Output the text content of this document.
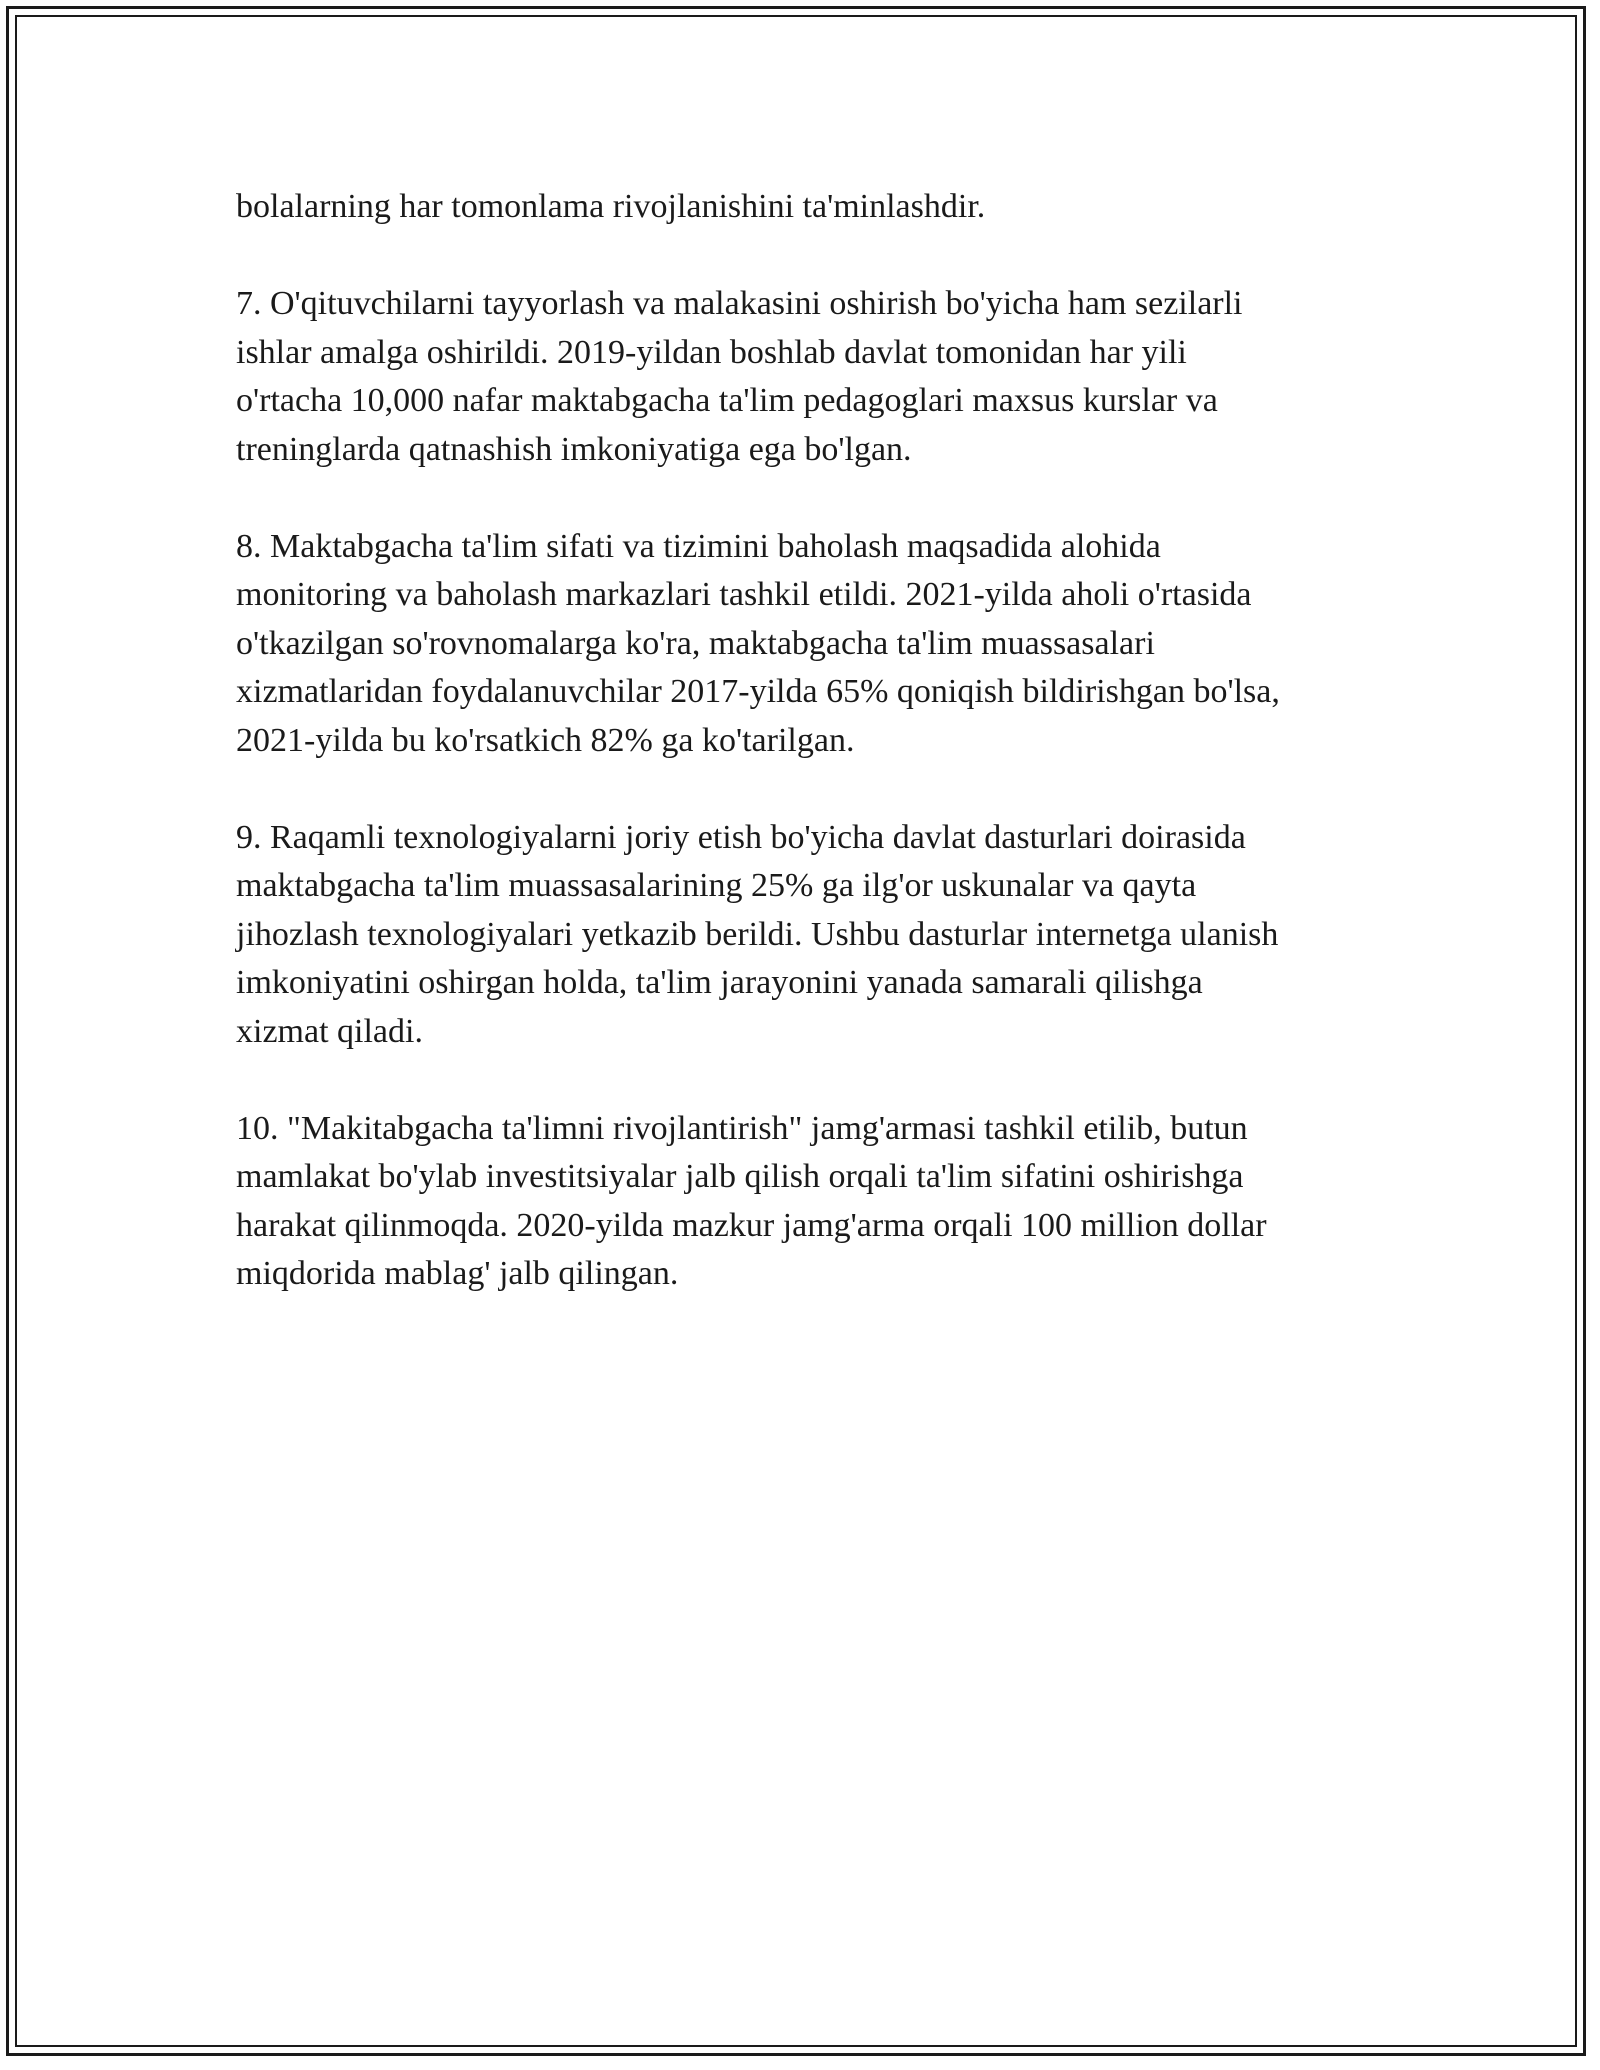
bolalarning har tomonlama rivojlanishini ta'minlashdir.

7. O'qituvchilarni tayyorlash va malakasini oshirish bo'yicha ham sezilarli
ishlar amalga oshirildi. 2019-yildan boshlab davlat tomonidan har yili
o'rtacha 10,000 nafar maktabgacha ta'lim pedagoglari maxsus kurslar va
treninglarda qatnashish imkoniyatiga ega bo'lgan.

8. Maktabgacha ta'lim sifati va tizimini baholash maqsadida alohida
monitoring va baholash markazlari tashkil etildi. 2021-yilda aholi o'rtasida
o'tkazilgan so'rovnomalarga ko'ra, maktabgacha ta'lim muassasalari
xizmatlaridan foydalanuvchilar 2017-yilda 65% qoniqish bildirishgan bo'lsa,
2021-yilda bu ko'rsatkich 82% ga ko'tarilgan.

9. Raqamli texnologiyalarni joriy etish bo'yicha davlat dasturlari doirasida
maktabgacha ta'lim muassasalarining 25% ga ilg'or uskunalar va qayta
jihozlash texnologiyalari yetkazib berildi. Ushbu dasturlar internetga ulanish
imkoniyatini oshirgan holda, ta'lim jarayonini yanada samarali qilishga
xizmat qiladi.

10. "Makitabgacha ta'limni rivojlantirish" jamg'armasi tashkil etilib, butun
mamlakat bo'ylab investitsiyalar jalb qilish orqali ta'lim sifatini oshirishga
harakat qilinmoqda. 2020-yilda mazkur jamg'arma orqali 100 million dollar
miqdorida mablag' jalb qilingan.
